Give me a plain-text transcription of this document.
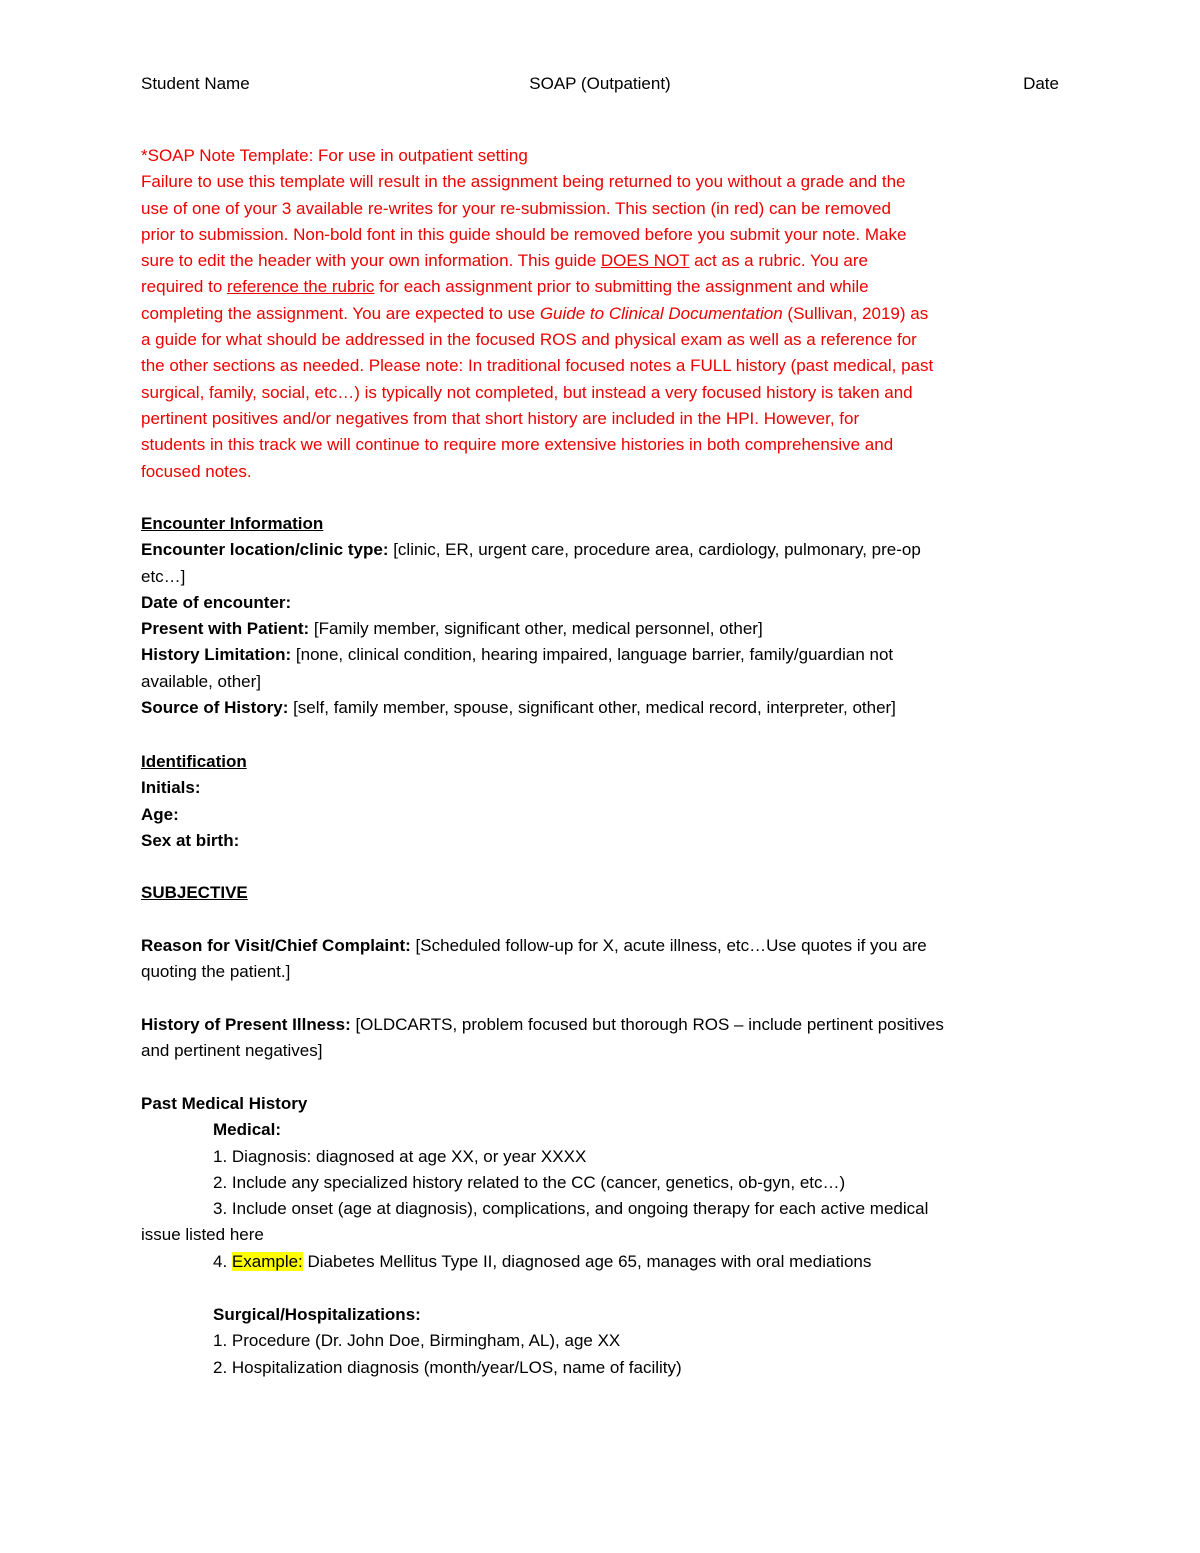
Student Name	SOAP (Outpatient)	Date
*SOAP Note Template: For use in outpatient setting
Failure to use this template will result in the assignment being returned to you without a grade and the
use of one of your 3 available re-writes for your re-submission. This section (in red) can be removed
prior to submission. Non-bold font in this guide should be removed before you submit your note. Make
sure to edit the header with your own information. This guide DOES NOT act as a rubric. You are
required to reference the rubric for each assignment prior to submitting the assignment and while
completing the assignment. You are expected to use Guide to Clinical Documentation (Sullivan, 2019) as
a guide for what should be addressed in the focused ROS and physical exam as well as a reference for
the other sections as needed. Please note: In traditional focused notes a FULL history (past medical, past
surgical, family, social, etc…) is typically not completed, but instead a very focused history is taken and
pertinent positives and/or negatives from that short history are included in the HPI. However, for
students in this track we will continue to require more extensive histories in both comprehensive and
focused notes.
Encounter Information
Encounter location/clinic type: [clinic, ER, urgent care, procedure area, cardiology, pulmonary, pre-op
etc…]
Date of encounter:
Present with Patient: [Family member, significant other, medical personnel, other]
History Limitation: [none, clinical condition, hearing impaired, language barrier, family/guardian not
available, other]
Source of History: [self, family member, spouse, significant other, medical record, interpreter, other]
Identification
Initials:
Age:
Sex at birth:
SUBJECTIVE
Reason for Visit/Chief Complaint: [Scheduled follow-up for X, acute illness, etc…Use quotes if you are
quoting the patient.]
History of Present Illness: [OLDCARTS, problem focused but thorough ROS – include pertinent positives
and pertinent negatives]
Past Medical History
Medical:
1. Diagnosis: diagnosed at age XX, or year XXXX
2. Include any specialized history related to the CC (cancer, genetics, ob-gyn, etc…)
3. Include onset (age at diagnosis), complications, and ongoing therapy for each active medical
issue listed here
4. Example: Diabetes Mellitus Type II, diagnosed age 65, manages with oral mediations
Surgical/Hospitalizations:
1. Procedure (Dr. John Doe, Birmingham, AL), age XX
2. Hospitalization diagnosis (month/year/LOS, name of facility)
